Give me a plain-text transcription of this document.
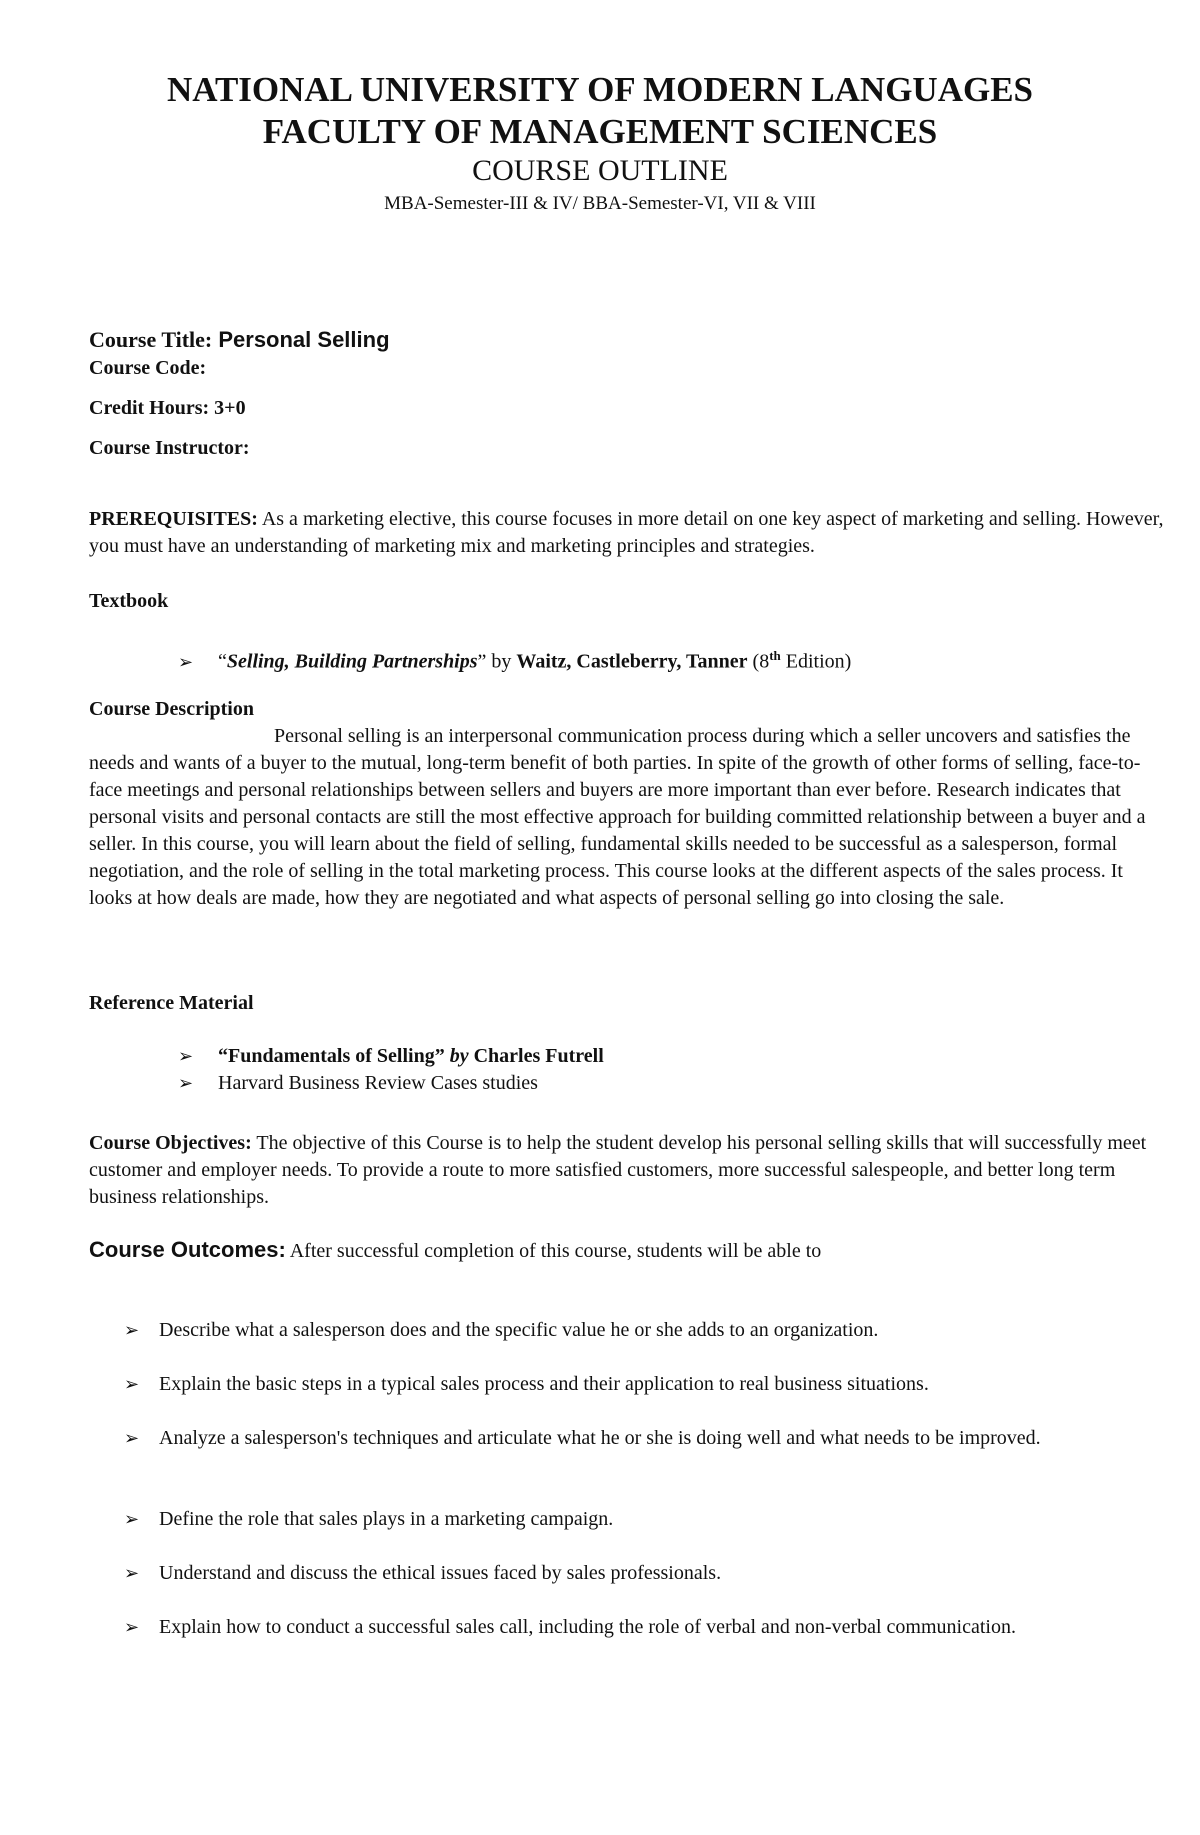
NATIONAL UNIVERSITY OF MODERN LANGUAGES
FACULTY OF MANAGEMENT SCIENCES
COURSE OUTLINE
MBA-Semester-III & IV/ BBA-Semester-VI, VII & VIII
Course Title: Personal Selling
Course Code:
Credit Hours: 3+0
Course Instructor:
PREREQUISITES: As a marketing elective, this course focuses in more detail on one key aspect of marketing and selling. However, you must have an understanding of marketing mix and marketing principles and strategies.
Textbook
➢ “Selling, Building Partnerships” by Waitz, Castleberry, Tanner (8th Edition)
Course Description
Personal selling is an interpersonal communication process during which a seller uncovers and satisfies the needs and wants of a buyer to the mutual, long-term benefit of both parties. In spite of the growth of other forms of selling, face-to-face meetings and personal relationships between sellers and buyers are more important than ever before. Research indicates that personal visits and personal contacts are still the most effective approach for building committed relationship between a buyer and a seller. In this course, you will learn about the field of selling, fundamental skills needed to be successful as a salesperson, formal negotiation, and the role of selling in the total marketing process. This course looks at the different aspects of the sales process. It looks at how deals are made, how they are negotiated and what aspects of personal selling go into closing the sale.
Reference Material
➢ “Fundamentals of Selling” by Charles Futrell
➢ Harvard Business Review Cases studies
Course Objectives: The objective of this Course is to help the student develop his personal selling skills that will successfully meet customer and employer needs. To provide a route to more satisfied customers, more successful salespeople, and better long term business relationships.
Course Outcomes: After successful completion of this course, students will be able to
➢ Describe what a salesperson does and the specific value he or she adds to an organization.
➢ Explain the basic steps in a typical sales process and their application to real business situations.
➢ Analyze a salesperson's techniques and articulate what he or she is doing well and what needs to be improved.
➢ Define the role that sales plays in a marketing campaign.
➢ Understand and discuss the ethical issues faced by sales professionals.
➢ Explain how to conduct a successful sales call, including the role of verbal and non-verbal communication.
